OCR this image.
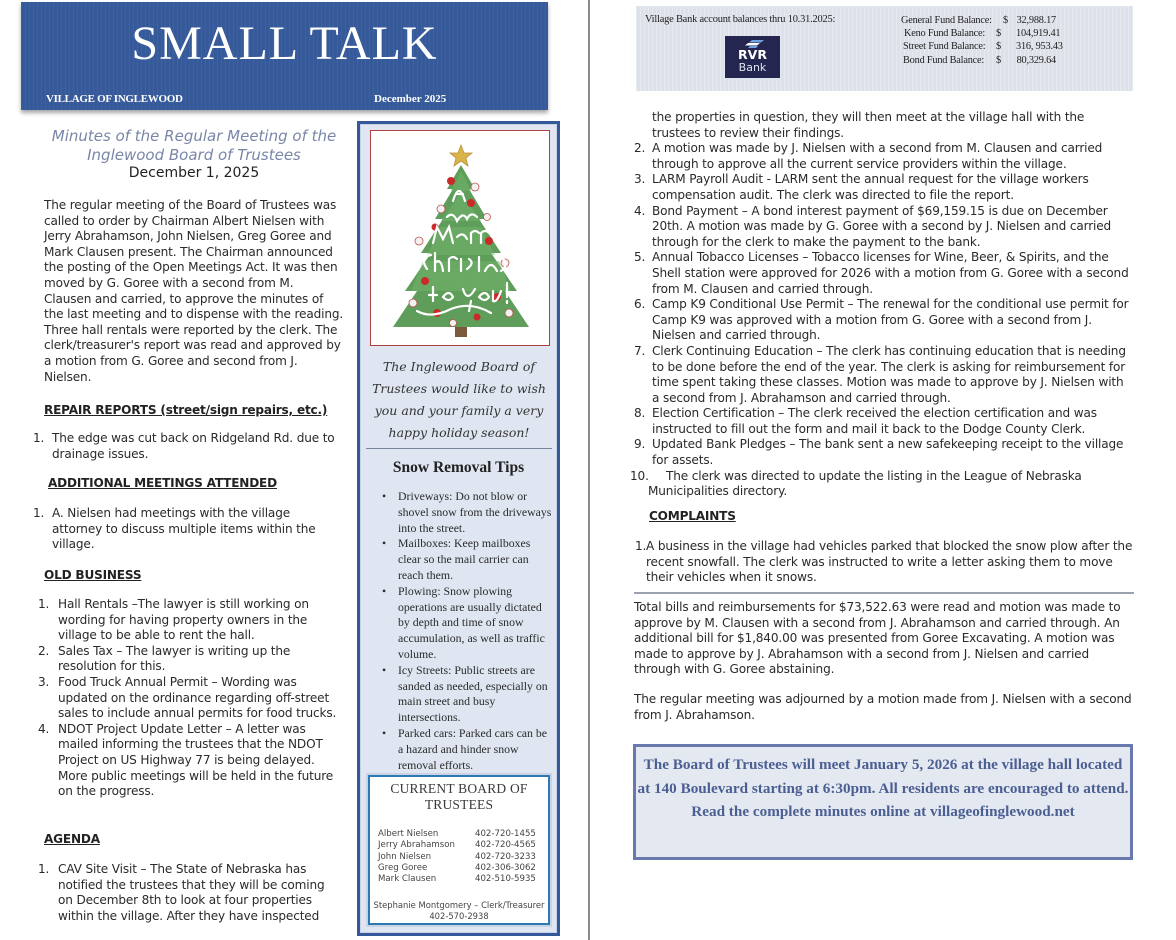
SMALL TALK
VILLAGE OF INGLEWOOD	December 2025
Minutes of the Regular Meeting of the
Inglewood Board of Trustees
December 1, 2025

The regular meeting of the Board of Trustees was called to order by Chairman Albert Nielsen with Jerry Abrahamson, John Nielsen, Greg Goree and Mark Clausen present. The Chairman announced the posting of the Open Meetings Act. It was then moved by G. Goree with a second from M. Clausen and carried, to approve the minutes of the last meeting and to dispense with the reading. Three hall rentals were reported by the clerk. The clerk/treasurer's report was read and approved by a motion from G. Goree and second from J. Nielsen.

REPAIR REPORTS (street/sign repairs, etc.)
1. The edge was cut back on Ridgeland Rd. due to drainage issues.
ADDITIONAL MEETINGS ATTENDED
1. A. Nielsen had meetings with the village attorney to discuss multiple items within the village.
OLD BUSINESS
1. Hall Rentals –The lawyer is still working on wording for having property owners in the village to be able to rent the hall.
2. Sales Tax – The lawyer is writing up the resolution for this.
3. Food Truck Annual Permit – Wording was updated on the ordinance regarding off-street sales to include annual permits for food trucks.
4. NDOT Project Update Letter – A letter was mailed informing the trustees that the NDOT Project on US Highway 77 is being delayed. More public meetings will be held in the future on the progress.
AGENDA
1. CAV Site Visit – The State of Nebraska has notified the trustees that they will be coming on December 8th to look at four properties within the village. After they have inspected
The Inglewood Board of Trustees would like to wish you and your family a very happy holiday season!
Snow Removal Tips
• Driveways: Do not blow or shovel snow from the driveways into the street.
• Mailboxes: Keep mailboxes clear so the mail carrier can reach them.
• Plowing: Snow plowing operations are usually dictated by depth and time of snow accumulation, as well as traffic volume.
• Icy Streets: Public streets are sanded as needed, especially on main street and busy intersections.
• Parked cars: Parked cars can be a hazard and hinder snow removal efforts.
CURRENT BOARD OF
TRUSTEES
Albert Nielsen	402-720-1455
Jerry Abrahamson	402-720-4565
John Nielsen	402-720-3233
Greg Goree	402-306-3062
Mark Clausen	402-510-5935
Stephanie Montgomery – Clerk/Treasurer
402-570-2938
Village Bank account balances thru 10.31.2025:
RVR
Bank
General Fund Balance: $ 32,988.17
Keno Fund Balance: $ 104,919.41
Street Fund Balance: $ 316, 953.43
Bond Fund Balance: $ 80,329.64
the properties in question, they will then meet at the village hall with the trustees to review their findings.
2. A motion was made by J. Nielsen with a second from M. Clausen and carried through to approve all the current service providers within the village.
3. LARM Payroll Audit - LARM sent the annual request for the village workers compensation audit. The clerk was directed to file the report.
4. Bond Payment – A bond interest payment of $69,159.15 is due on December 20th. A motion was made by G. Goree with a second by J. Nielsen and carried through for the clerk to make the payment to the bank.
5. Annual Tobacco Licenses – Tobacco licenses for Wine, Beer, & Spirits, and the Shell station were approved for 2026 with a motion from G. Goree with a second from M. Clausen and carried through.
6. Camp K9 Conditional Use Permit – The renewal for the conditional use permit for Camp K9 was approved with a motion from G. Goree with a second from J. Nielsen and carried through.
7. Clerk Continuing Education – The clerk has continuing education that is needing to be done before the end of the year. The clerk is asking for reimbursement for time spent taking these classes. Motion was made to approve by J. Nielsen with a second from J. Abrahamson and carried through.
8. Election Certification – The clerk received the election certification and was instructed to fill out the form and mail it back to the Dodge County Clerk.
9. Updated Bank Pledges – The bank sent a new safekeeping receipt to the village for assets.
10. The clerk was directed to update the listing in the League of Nebraska Municipalities directory.
COMPLAINTS
1. A business in the village had vehicles parked that blocked the snow plow after the recent snowfall. The clerk was instructed to write a letter asking them to move their vehicles when it snows.

Total bills and reimbursements for $73,522.63 were read and motion was made to approve by M. Clausen with a second from J. Abrahamson and carried through. An additional bill for $1,840.00 was presented from Goree Excavating. A motion was made to approve by J. Abrahamson with a second from J. Nielsen and carried through with G. Goree abstaining.

The regular meeting was adjourned by a motion made from J. Nielsen with a second from J. Abrahamson.

The Board of Trustees will meet January 5, 2026 at the village hall located at 140 Boulevard starting at 6:30pm. All residents are encouraged to attend. Read the complete minutes online at villageofinglewood.net
